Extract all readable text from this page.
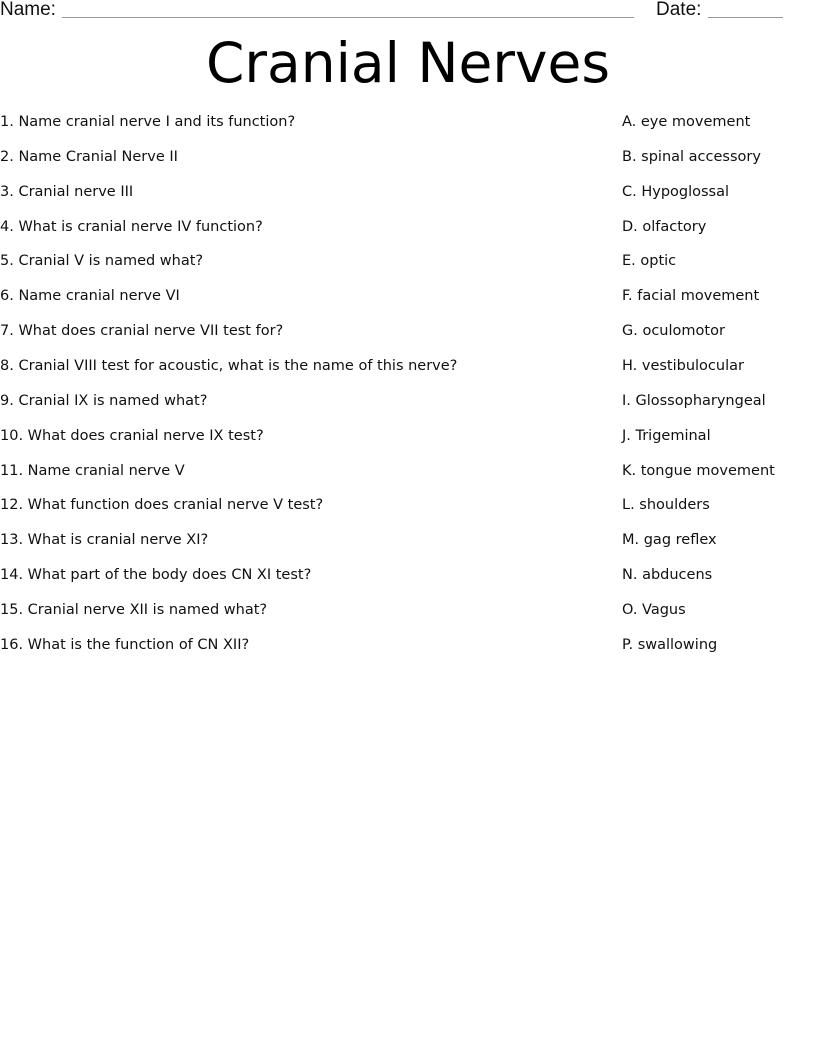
Name:	Date:
Cranial Nerves
1. Name cranial nerve I and its function?
2. Name Cranial Nerve II
3. Cranial nerve III
4. What is cranial nerve IV function?
5. Cranial V is named what?
6. Name cranial nerve VI
7. What does cranial nerve VII test for?
8. Cranial VIII test for acoustic, what is the name of this nerve?
9. Cranial IX is named what?
10. What does cranial nerve IX test?
11. Name cranial nerve V
12. What function does cranial nerve V test?
13. What is cranial nerve XI?
14. What part of the body does CN XI test?
15. Cranial nerve XII is named what?
16. What is the function of CN XII?
A. eye movement
B. spinal accessory
C. Hypoglossal
D. olfactory
E. optic
F. facial movement
G. oculomotor
H. vestibulocular
I. Glossopharyngeal
J. Trigeminal
K. tongue movement
L. shoulders
M. gag reflex
N. abducens
O. Vagus
P. swallowing
